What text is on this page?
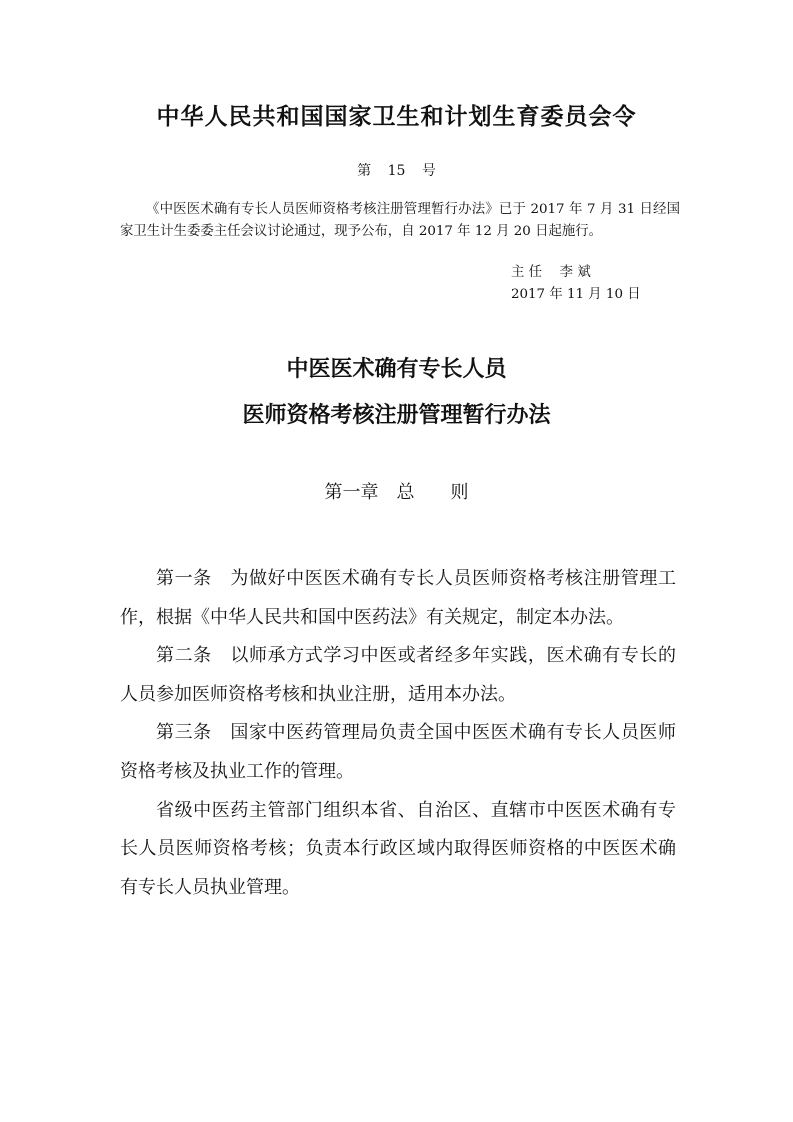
中华人民共和国国家卫生和计划生育委员会令
第 15 号

《中医医术确有专长人员医师资格考核注册管理暂行办法》已于 2017 年 7 月 31 日经国家卫生计生委委主任会议讨论通过，现予公布，自 2017 年 12 月 20 日起施行。

主 任　 李 斌
2017 年 11 月 10 日
中医医术确有专长人员
医师资格考核注册管理暂行办法
第一章　总　　则

第一条　为做好中医医术确有专长人员医师资格考核注册管理工作，根据《中华人民共和国中医药法》有关规定，制定本办法。

第二条　以师承方式学习中医或者经多年实践，医术确有专长的人员参加医师资格考核和执业注册，适用本办法。

第三条　国家中医药管理局负责全国中医医术确有专长人员医师资格考核及执业工作的管理。

省级中医药主管部门组织本省、自治区、直辖市中医医术确有专长人员医师资格考核；负责本行政区域内取得医师资格的中医医术确有专长人员执业管理。
